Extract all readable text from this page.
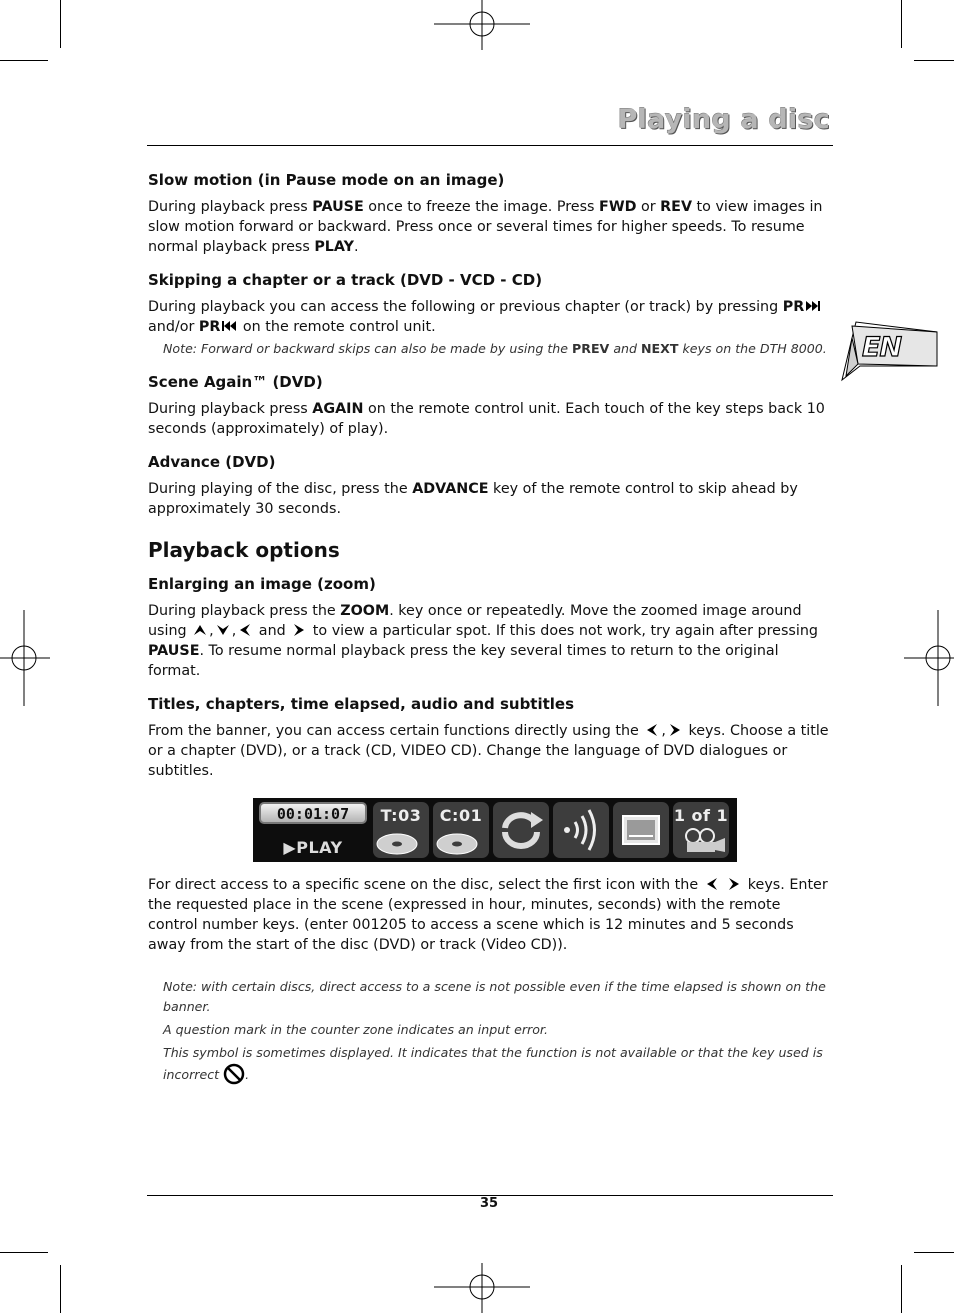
Playing a disc
EN
Slow motion (in Pause mode on an image)

During playback press PAUSE once to freeze the image. Press FWD or REV to view images in slow motion forward or backward. Press once or several times for higher speeds. To resume normal playback press PLAY.

Skipping a chapter or a track (DVD - VCD - CD)

During playback you can access the following or previous chapter (or track) by pressing PR and/or PR on the remote control unit.

Note: Forward or backward skips can also be made by using the PREV and NEXT keys on the DTH 8000.

Scene Again™ (DVD)

During playback press AGAIN on the remote control unit. Each touch of the key steps back 10 seconds (approximately) of play).

Advance (DVD)

During playing of the disc, press the ADVANCE key of the remote control to skip ahead by approximately 30 seconds.

Playback options
Enlarging an image (zoom)

During playback press the ZOOM. key once or repeatedly. Move the zoomed image around using , , and  to view a particular spot. If this does not work, try again after pressing PAUSE. To resume normal playback press the key several times to return to the original format.

Titles, chapters, time elapsed, audio and subtitles

From the banner, you can access certain functions directly using the , keys. Choose a title or a chapter (DVD), or a track (CD, VIDEO CD). Change the language of DVD dialogues or subtitles.

00:01:07
▶PLAY
T:03 C:01	1 of 1

For direct access to a specific scene on the disc, select the first icon with the	keys. Enter the requested place in the scene (expressed in hour, minutes, seconds) with the remote control number keys. (enter 001205 to access a scene which is 12 minutes and 5 seconds away from the start of the disc (DVD) or track (Video CD)).

Note: with certain discs, direct access to a scene is not possible even if the time elapsed is shown on the banner.

A question mark in the counter zone indicates an input error.

This symbol is sometimes displayed. It indicates that the function is not available or that the key used is incorrect .

35
